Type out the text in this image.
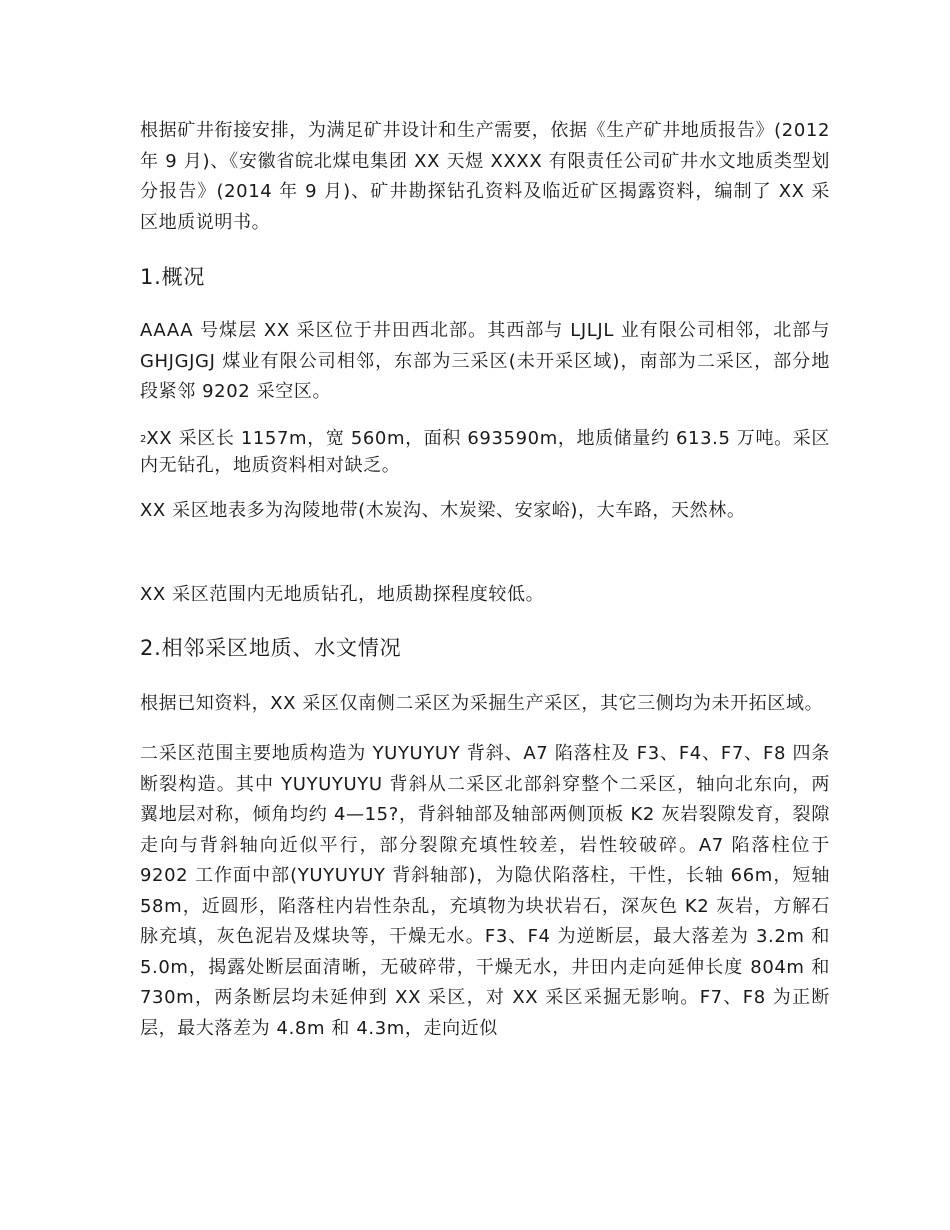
根据矿井衔接安排，为满足矿井设计和生产需要，依据《生产矿井地质报告》(2012 年 9 月)、《安徽省皖北煤电集团 XX 天煜 XXXX 有限责任公司矿井水文地质类型划分报告》(2014 年 9 月)、矿井勘探钻孔资料及临近矿区揭露资料，编制了 XX 采区地质说明书。

1.概况

AAAA 号煤层 XX 采区位于井田西北部。其西部与 LJLJL 业有限公司相邻，北部与 GHJGJGJ 煤业有限公司相邻，东部为三采区(未开采区域)，南部为二采区，部分地段紧邻 9202 采空区。

$^2$XX 采区长 1157m，宽 560m，面积 693590m，地质储量约 613.5 万吨。采区内无钻孔，地质资料相对缺乏。

XX 采区地表多为沟陵地带(木炭沟、木炭梁、安家峪)，大车路，天然林。

XX 采区范围内无地质钻孔，地质勘探程度较低。

2.相邻采区地质、水文情况

根据已知资料，XX 采区仅南侧二采区为采掘生产采区，其它三侧均为未开拓区域。

二采区范围主要地质构造为 YUYUYUY 背斜、A7 陷落柱及 F3、F4、F7、F8 四条断裂构造。其中 YUYUYUYU 背斜从二采区北部斜穿整个二采区，轴向北东向，两翼地层对称，倾角均约 4—15?，背斜轴部及轴部两侧顶板 K2 灰岩裂隙发育，裂隙走向与背斜轴向近似平行，部分裂隙充填性较差，岩性较破碎。A7 陷落柱位于 9202 工作面中部(YUYUYUY 背斜轴部)，为隐伏陷落柱，干性，长轴 66m，短轴 58m，近圆形，陷落柱内岩性杂乱，充填物为块状岩石，深灰色 K2 灰岩，方解石脉充填，灰色泥岩及煤块等，干燥无水。F3、F4 为逆断层，最大落差为 3.2m 和 5.0m，揭露处断层面清晰，无破碎带，干燥无水，井田内走向延伸长度 804m 和 730m，两条断层均未延伸到 XX 采区，对 XX 采区采掘无影响。F7、F8 为正断层，最大落差为 4.8m 和 4.3m，走向近似
